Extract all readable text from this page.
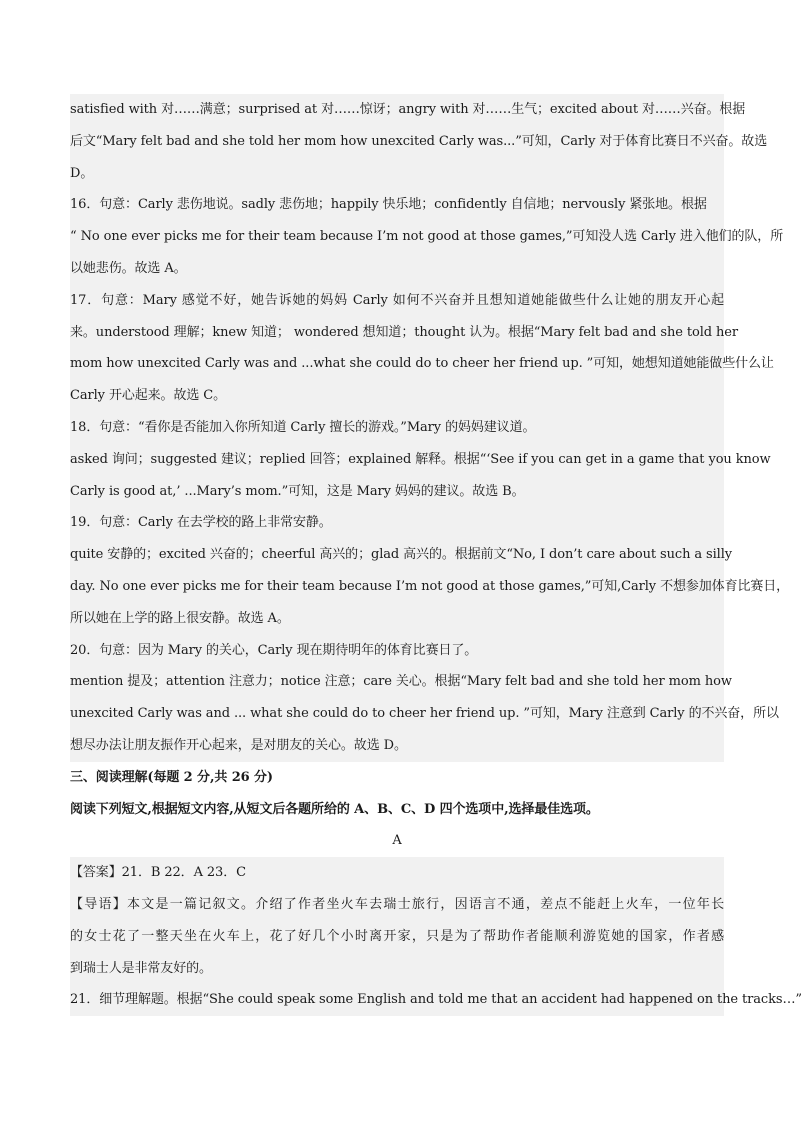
satisfied with 对……满意；surprised at 对……惊讶；angry with 对……生气；excited about 对……兴奋。根据
后文“Mary felt bad and she told her mom how unexcited Carly was...”可知，Carly 对于体育比赛日不兴奋。故选
D。
16．句意：Carly 悲伤地说。sadly 悲伤地；happily 快乐地；confidently 自信地；nervously 紧张地。根据
“ No one ever picks me for their team because I’m not good at those games,”可知没人选 Carly 进入他们的队，所
以她悲伤。故选 A。
17．句意：Mary 感觉不好，她告诉她的妈妈 Carly 如何不兴奋并且想知道她能做些什么让她的朋友开心起
来。understood 理解；knew 知道； wondered 想知道；thought 认为。根据“Mary felt bad and she told her
mom how unexcited Carly was and ...what she could do to cheer her friend up. ”可知，她想知道她能做些什么让
Carly 开心起来。故选 C。
18．句意：“看你是否能加入你所知道 Carly 擅长的游戏。”Mary 的妈妈建议道。
asked 询问；suggested 建议；replied 回答；explained 解释。根据“‘See if you can get in a game that you know
Carly is good at,’ ...Mary’s mom.”可知，这是 Mary 妈妈的建议。故选 B。
19．句意：Carly 在去学校的路上非常安静。
quite 安静的；excited 兴奋的；cheerful 高兴的；glad 高兴的。根据前文“No, I don’t care about such a silly
day. No one ever picks me for their team because I’m not good at those games,”可知,Carly 不想参加体育比赛日，
所以她在上学的路上很安静。故选 A。
20．句意：因为 Mary 的关心，Carly 现在期待明年的体育比赛日了。
mention 提及；attention 注意力；notice 注意；care 关心。根据“Mary felt bad and she told her mom how
unexcited Carly was and ... what she could do to cheer her friend up. ”可知，Mary 注意到 Carly 的不兴奋，所以
想尽办法让朋友振作开心起来，是对朋友的关心。故选 D。
三、阅读理解(每题 2 分,共 26 分)
阅读下列短文,根据短文内容,从短文后各题所给的 A、B、C、D 四个选项中,选择最佳选项。
A
【答案】21．B 22．A 23．C
【导语】本文是一篇记叙文。介绍了作者坐火车去瑞士旅行，因语言不通，差点不能赶上火车，一位年长
的女士花了一整天坐在火车上，花了好几个小时离开家，只是为了帮助作者能顺利游览她的国家，作者感
到瑞士人是非常友好的。
21．细节理解题。根据“She could speak some English and told me that an accident had happened on the tracks…”
